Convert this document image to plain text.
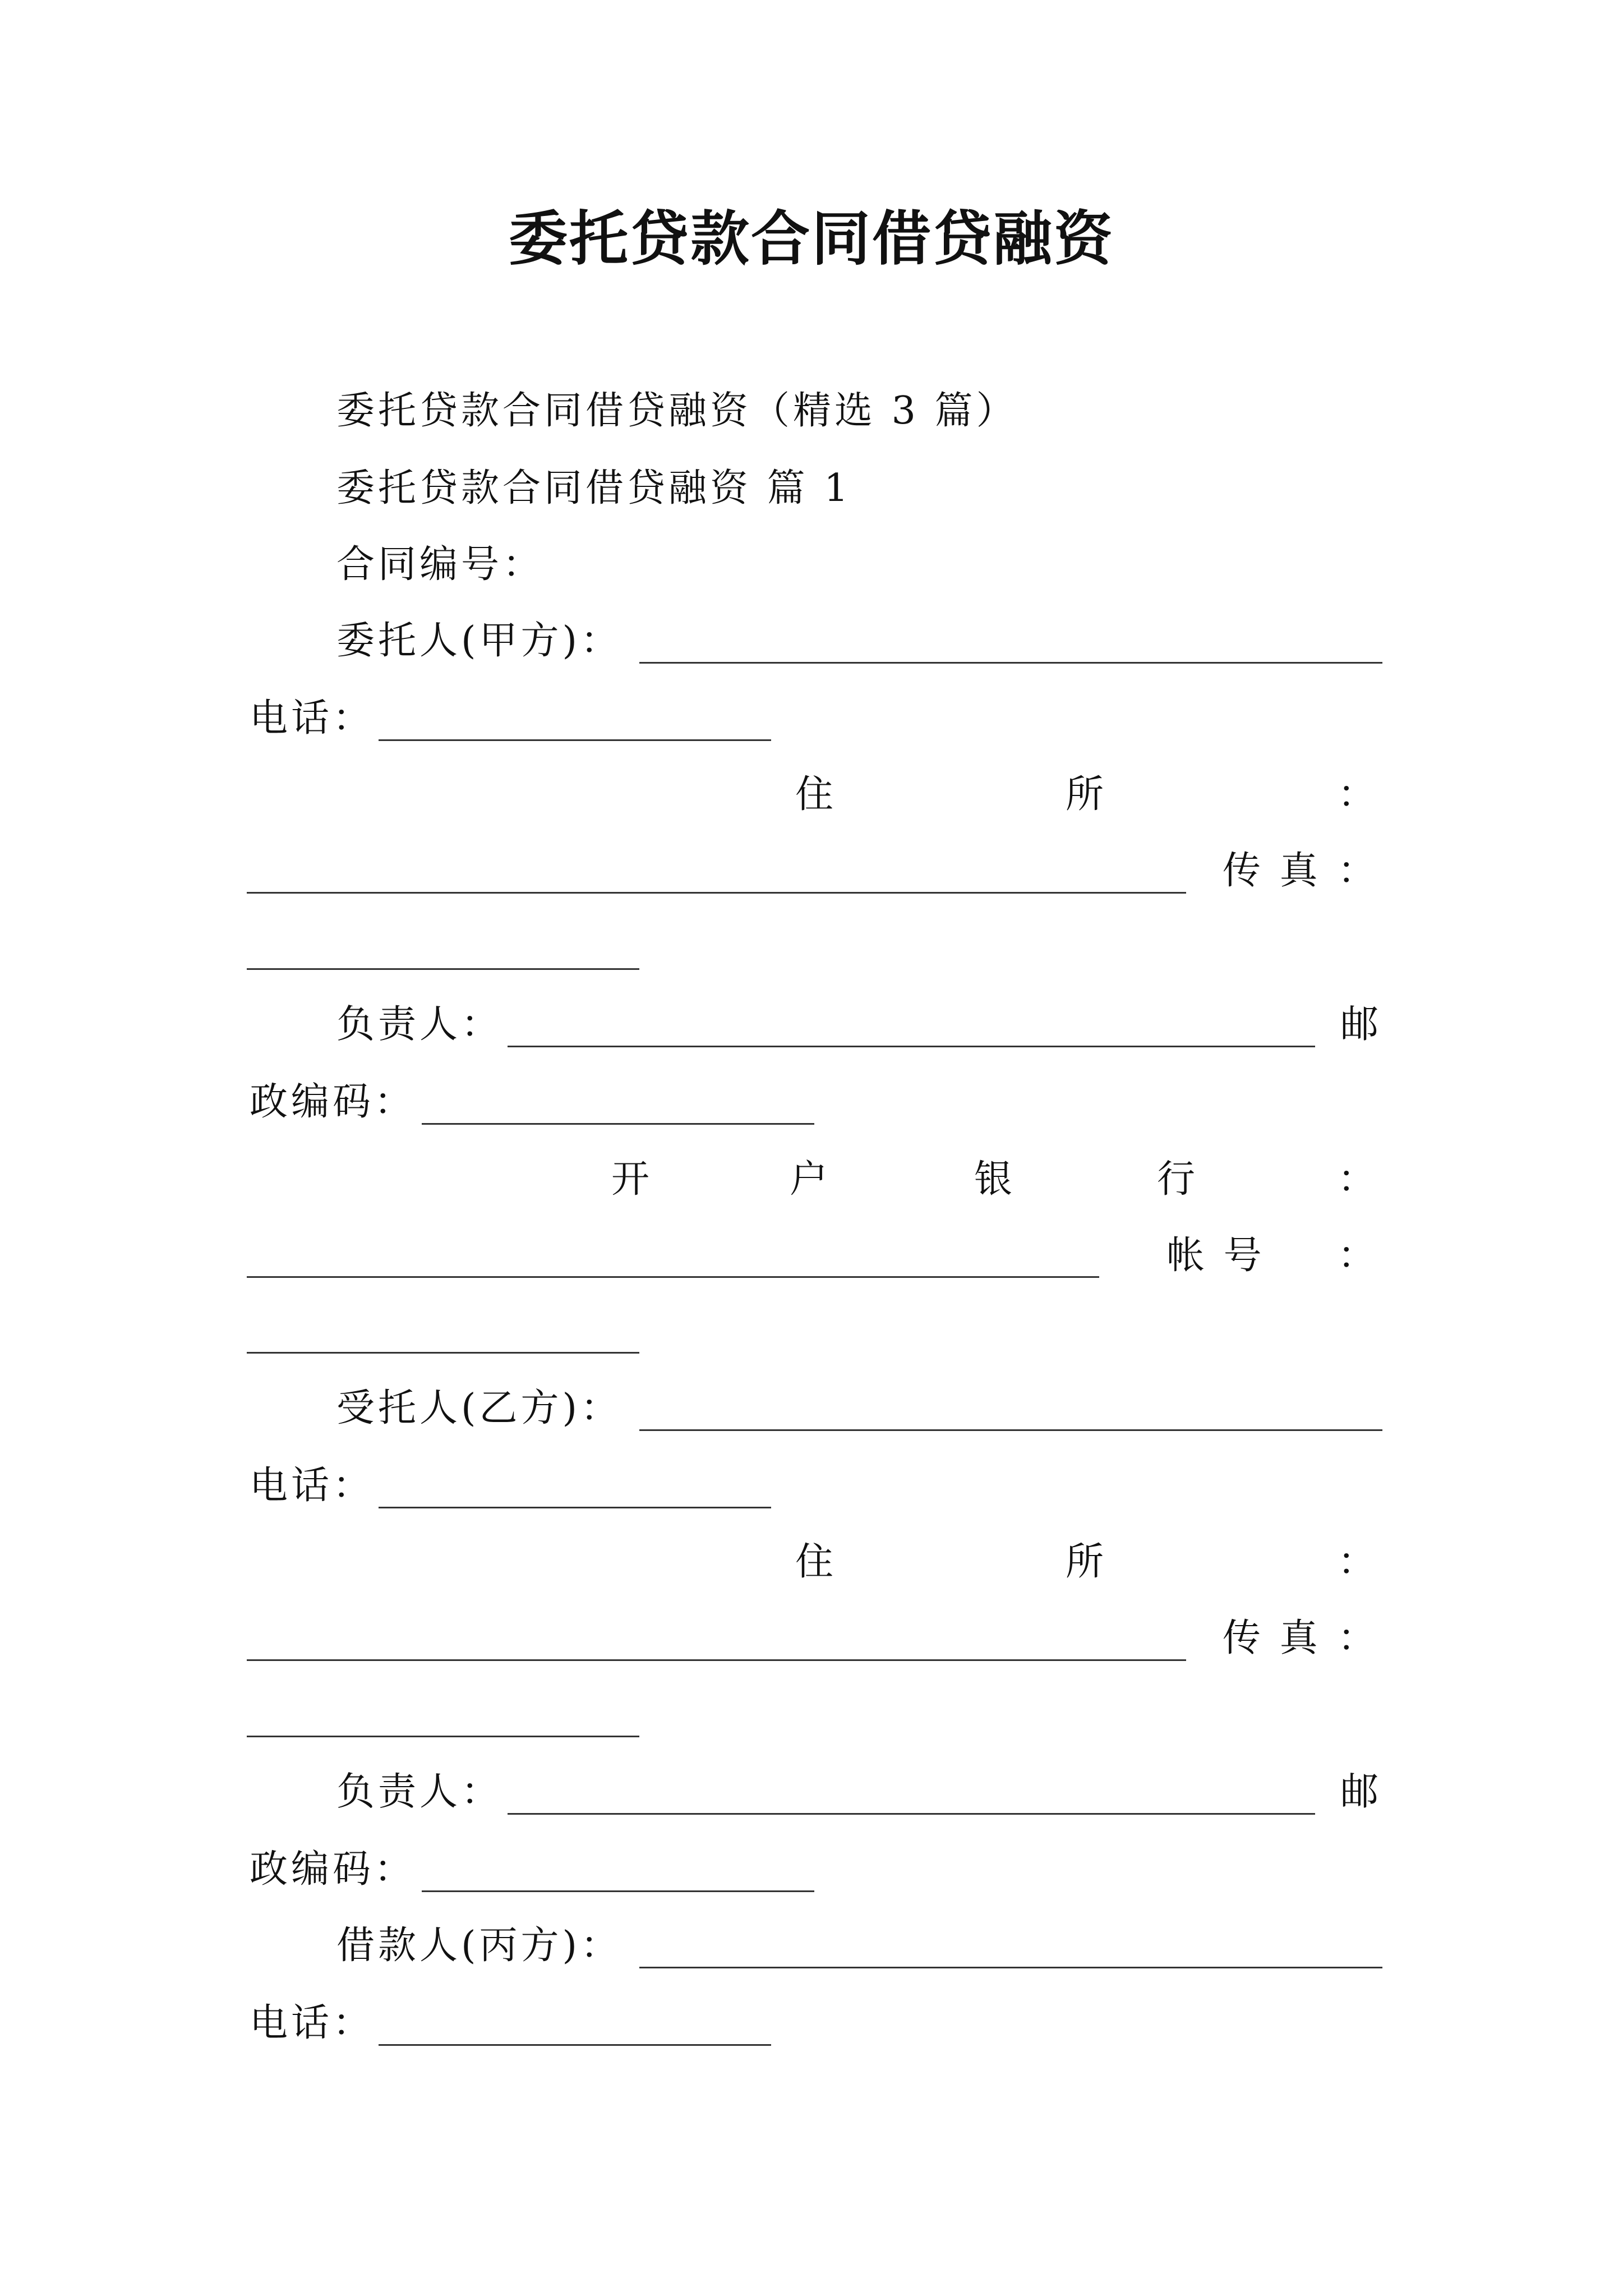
委托贷款合同借贷融资
委托贷款合同借贷融资（精选 3 篇）
委托贷款合同借贷融资 篇 1
合同编号：
委托人(甲方)：
电话：
住	所	：
传 真 ：
负责人：	邮
政编码：
开	户	银	行	：
帐 号 ：
受托人(乙方)：
电话：
住	所	：
传 真 ：
负责人：	邮
政编码：
借款人(丙方)：
电话：
